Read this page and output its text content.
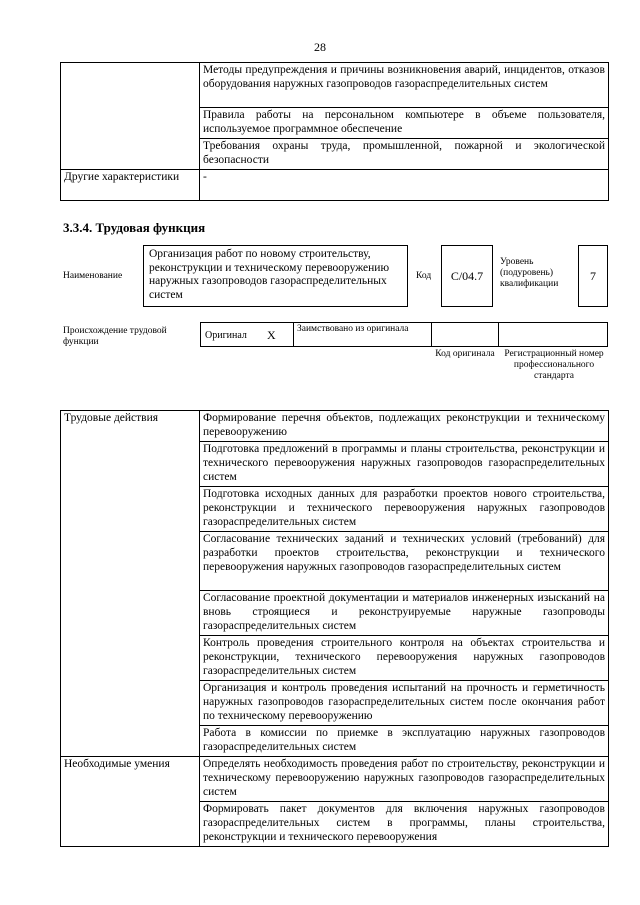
28
	Методы предупреждения и причины возникновения аварий, инцидентов, отказов оборудования наружных газопроводов газораспределительных систем
	Правила работы на персональном компьютере в объеме пользователя, используемое программное обеспечение
	Требования охраны труда, промышленной, пожарной и экологической безопасности
Другие характеристики	-
3.3.4. Трудовая функция
Наименование
Организация работ по новому строительству, реконструкции и техническому перевооружению наружных газопроводов газораспределительных систем
Код	C/04.7
Уровень (подуровень) квалификации
7
Происхождение трудовой функции
Оригинал X Заимствовано из оригинала
Код оригинала	Регистрационный номер профессионального стандарта
Трудовые действия	Формирование перечня объектов, подлежащих реконструкции и техническому перевооружению
	Подготовка предложений в программы и планы строительства, реконструкции и технического перевооружения наружных газопроводов газораспределительных систем
	Подготовка исходных данных для разработки проектов нового строительства, реконструкции и технического перевооружения наружных газопроводов газораспределительных систем
	Согласование технических заданий и технических условий (требований) для разработки проектов строительства, реконструкции и технического перевооружения наружных газопроводов газораспределительных систем
	Согласование проектной документации и материалов инженерных изысканий на вновь строящиеся и реконструируемые наружные газопроводы газораспределительных систем
	Контроль проведения строительного контроля на объектах строительства и реконструкции, технического перевооружения наружных газопроводов газораспределительных систем
	Организация и контроль проведения испытаний на прочность и герметичность наружных газопроводов газораспределительных систем после окончания работ по техническому перевооружению
	Работа в комиссии по приемке в эксплуатацию наружных газопроводов газораспределительных систем
Необходимые умения	Определять необходимость проведения работ по строительству, реконструкции и техническому перевооружению наружных газопроводов газораспределительных систем
	Формировать пакет документов для включения наружных газопроводов газораспределительных систем в программы, планы строительства, реконструкции и технического перевооружения
